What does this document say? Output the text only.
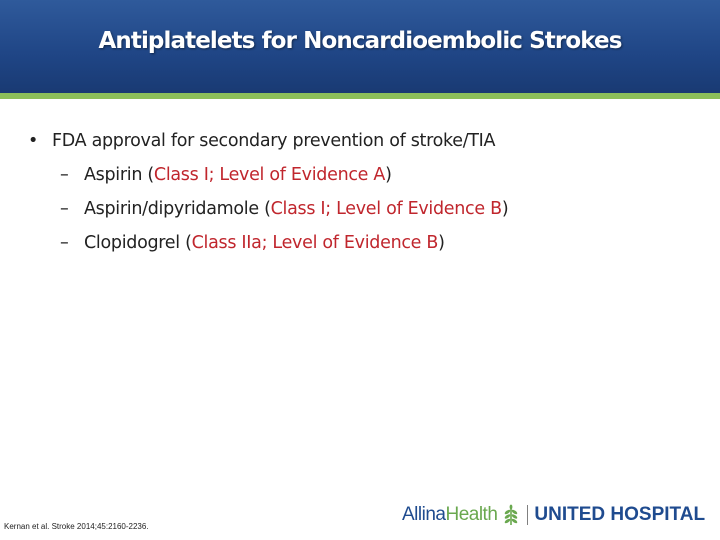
Antiplatelets for Noncardioembolic Strokes
• FDA approval for secondary prevention of stroke/TIA
– Aspirin (Class I; Level of Evidence A)
– Aspirin/dipyridamole (Class I; Level of Evidence B)
– Clopidogrel (Class IIa; Level of Evidence B)
Kernan et al. Stroke 2014;45:2160-2236.
Allina Health UNITED HOSPITAL
